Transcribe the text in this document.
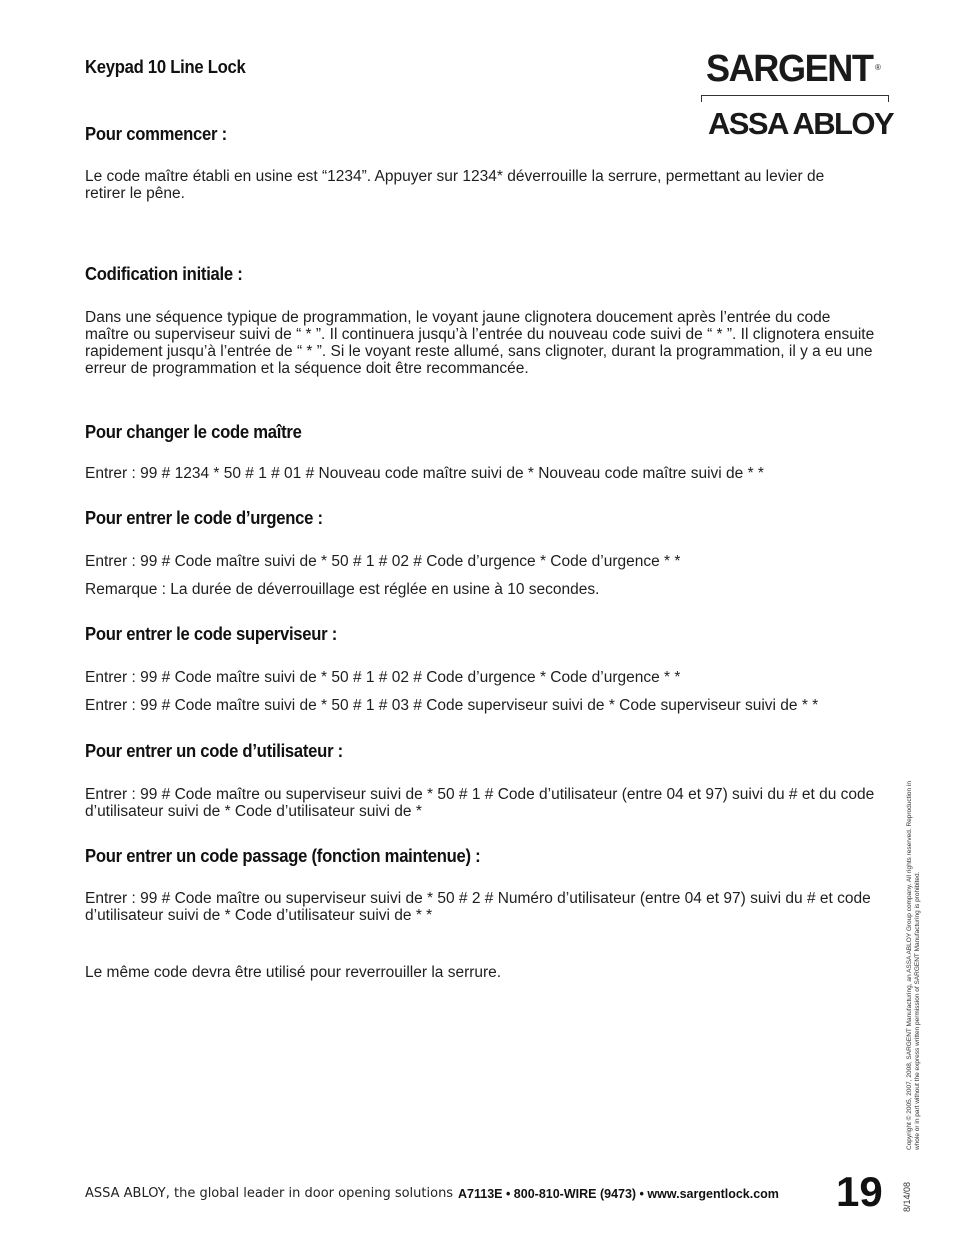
Keypad 10 Line Lock	SARGENT ®
ASSA ABLOY
Pour commencer :
Le code maître établi en usine est “1234”. Appuyer sur 1234* déverrouille la serrure, permettant au levier de retirer le pêne.
Codification initiale :
Dans une séquence typique de programmation, le voyant jaune clignotera doucement après l’entrée du code maître ou superviseur suivi de “ * ”. Il continuera jusqu’à l’entrée du nouveau code suivi de “ * ”. Il clignotera ensuite rapidement jusqu’à l’entrée de “ * ”. Si le voyant reste allumé, sans clignoter, durant la programmation, il y a eu une erreur de programmation et la séquence doit être recommancée.
Pour changer le code maître
Entrer : 99 # 1234 * 50 # 1 # 01 # Nouveau code maître suivi de * Nouveau code maître suivi de * *
Pour entrer le code d’urgence :
Entrer : 99 # Code maître suivi de * 50 # 1 # 02 # Code d’urgence * Code d’urgence * *
Remarque : La durée de déverrouillage est réglée en usine à 10 secondes.
Pour entrer le code superviseur :
Entrer : 99 # Code maître suivi de * 50 # 1 # 02 # Code d’urgence * Code d’urgence * *
Entrer : 99 # Code maître suivi de * 50 # 1 # 03 # Code superviseur suivi de * Code superviseur suivi de * *
Pour entrer un code d’utilisateur :
Entrer : 99 # Code maître ou superviseur suivi de * 50 # 1 # Code d’utilisateur (entre 04 et 97) suivi du # et du code d’utilisateur suivi de * Code d’utilisateur suivi de *
Pour entrer un code passage (fonction maintenue) :
Entrer : 99 # Code maître ou superviseur suivi de * 50 # 2 # Numéro d’utilisateur (entre 04 et 97) suivi du # et code d’utilisateur suivi de * Code d’utilisateur suivi de * *
Le même code devra être utilisé pour reverrouiller la serrure.	Copyright © 2005, 2007, 2008, SARGENT Manufacturing, an ASSA ABLOY Group company. All rights reserved. Reproduction in whole or in part without the express written permission of SARGENT Manufacturing is prohibited.
8/14/08
ASSA ABLOY, the global leader in door opening solutions A7113E • 800-810-WIRE (9473) • www.sargentlock.com 19
